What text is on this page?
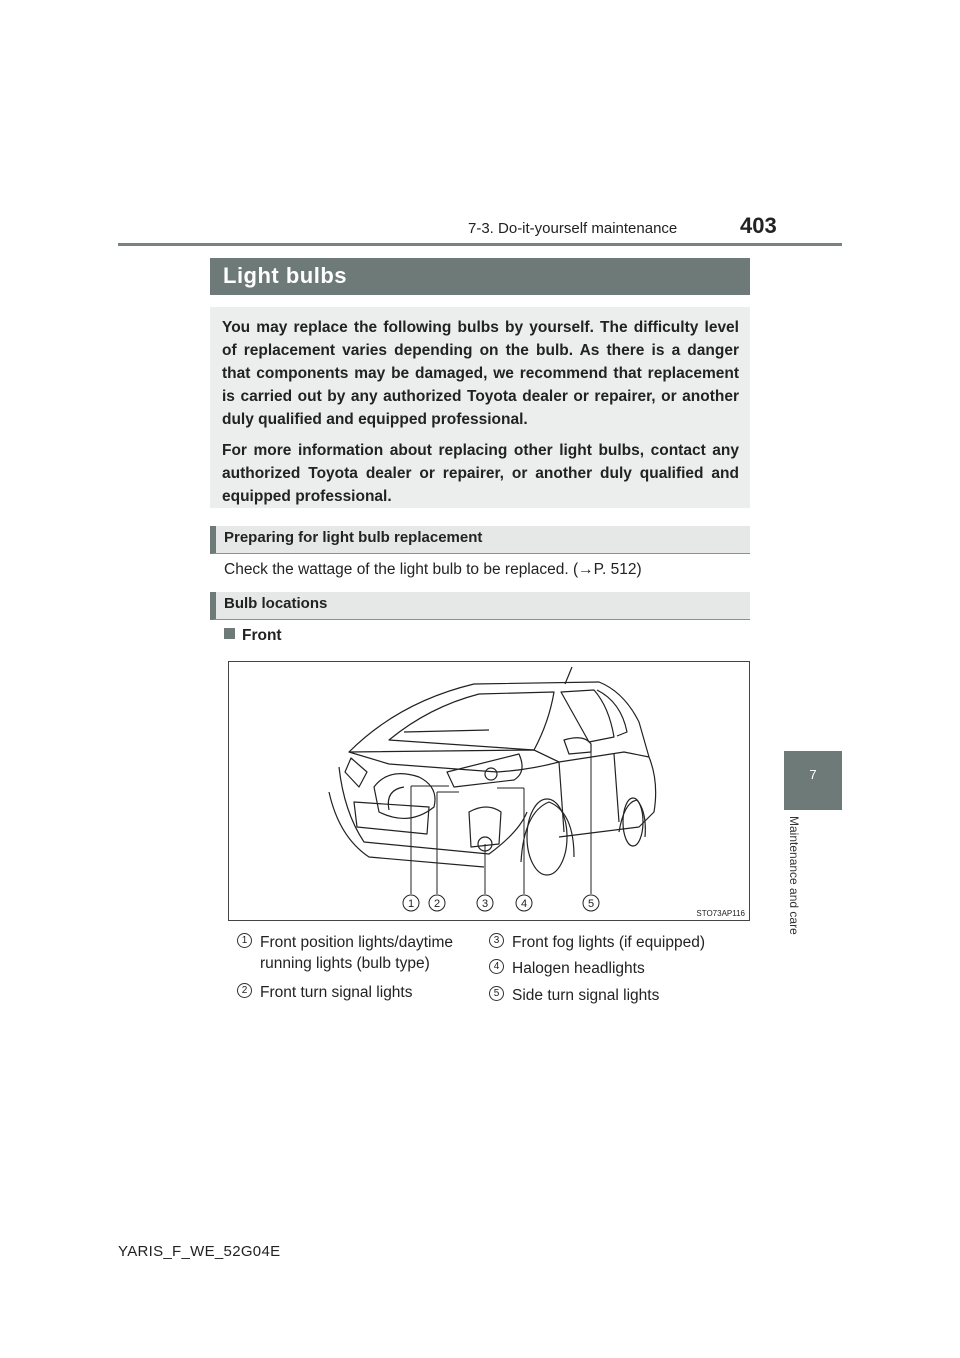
7-3. Do-it-yourself maintenance	403
7
Maintenance and care
Light bulbs

You may replace the following bulbs by yourself. The difficulty level of replacement varies depending on the bulb. As there is a danger that components may be damaged, we recommend that replacement is carried out by any authorized Toyota dealer or repairer, or another duly qualified and equipped professional.

For more information about replacing other light bulbs, contact any authorized Toyota dealer or repairer, or another duly qualified and equipped professional.

Preparing for light bulb replacement
Check the wattage of the light bulb to be replaced. (→P. 512)
Bulb locations
Front
1 2	3	4	5
STO73AP116
1 Front position lights/daytime running lights (bulb type)
2 Front turn signal lights
3 Front fog lights (if equipped)
4 Halogen headlights
5 Side turn signal lights
YARIS_F_WE_52G04E
